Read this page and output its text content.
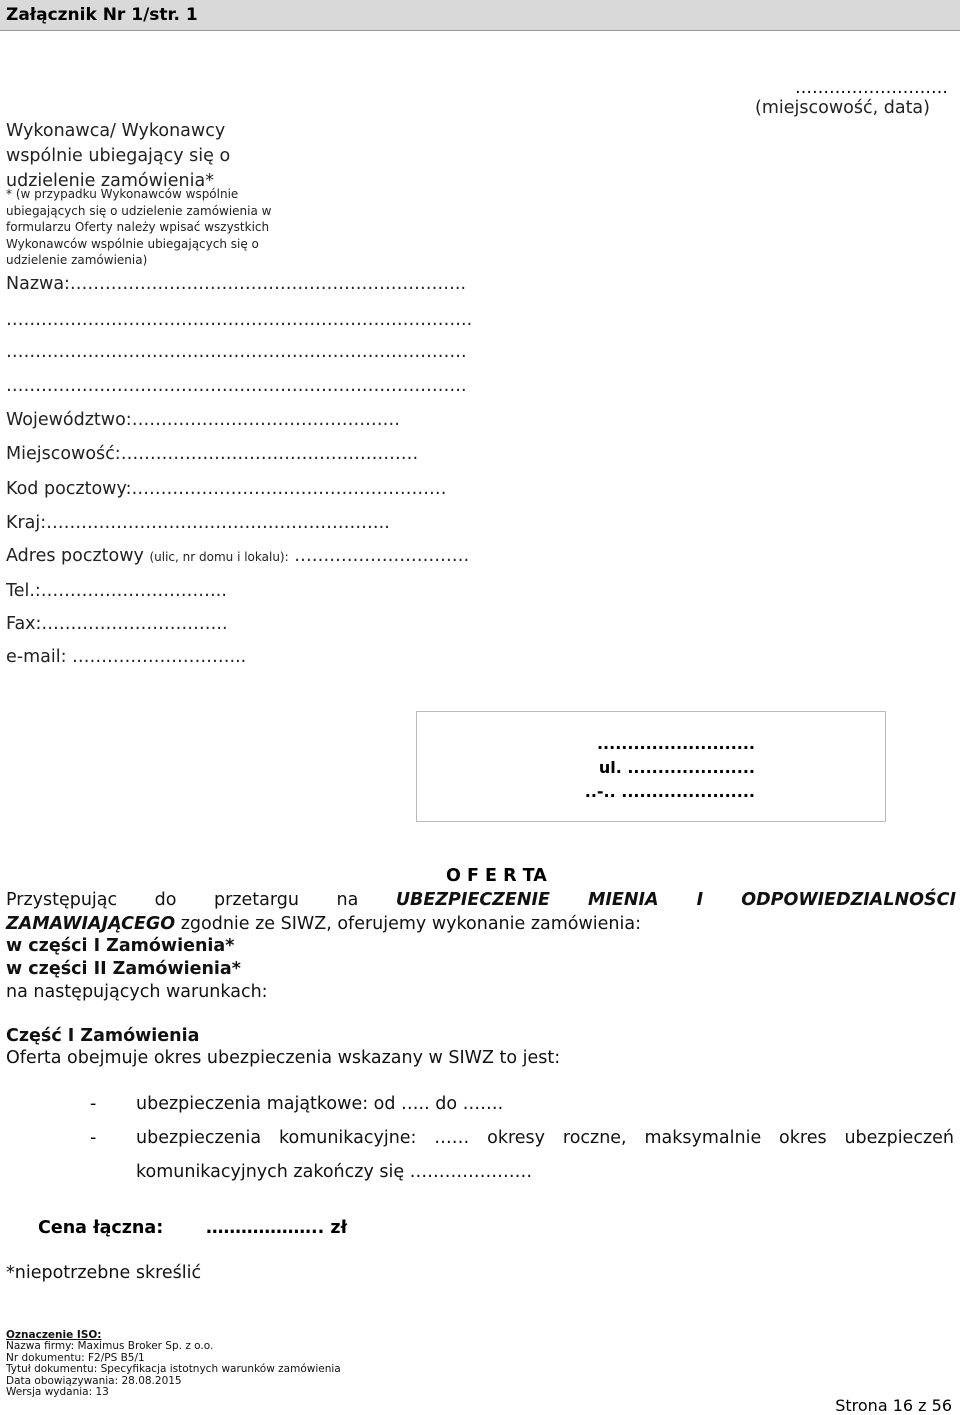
Załącznik Nr 1/str. 1
Wykonawca/ Wykonawcy wspólnie ubiegający się o udzielenie zamówienia*
* (w przypadku Wykonawców wspólnie ubiegających się o udzielenie zamówienia w formularzu Oferty należy wpisać wszystkich Wykonawców wspólnie ubiegających się o udzielenie zamówienia)
………………………
(miejscowość, data)
Nazwa:…………………………………………………………..
……………………………………………………………………..
…………………………………………………………………….
…………………………………………………………………….
Województwo:……………………………………….
Miejscowość:……………………………………………
Kod pocztowy:………………………………………………
Kraj:…………………………………………………..
Adres pocztowy (ulic, nr domu i lokalu): …………………………
Tel.:…………………………..
Fax:…………………………..
e-mail: ………………………...
..........................
ul. .....................
..-.. ......................
O F E R TA
Przystępując do przetargu na UBEZPIECZENIE MIENIA I ODPOWIEDZIALNOŚCI
ZAMAWIAJĄCEGO zgodnie ze SIWZ, oferujemy wykonanie zamówienia:
w części I Zamówienia*
w części II Zamówienia*
na następujących warunkach:
Część I Zamówienia
Oferta obejmuje okres ubezpieczenia wskazany w SIWZ to jest:
- ubezpieczenia majątkowe: od ….. do …….
- ubezpieczenia komunikacyjne: …… okresy roczne, maksymalnie okres ubezpieczeń
komunikacyjnych zakończy się …………………
Cena łączna: ……………….. zł
*niepotrzebne skreślić
Oznaczenie ISO:
Nazwa firmy: Maximus Broker Sp. z o.o.
Nr dokumentu: F2/PS B5/1
Tytuł dokumentu: Specyfikacja istotnych warunków zamówienia
Data obowiązywania: 28.08.2015
Wersja wydania: 13
Strona 16 z 56
